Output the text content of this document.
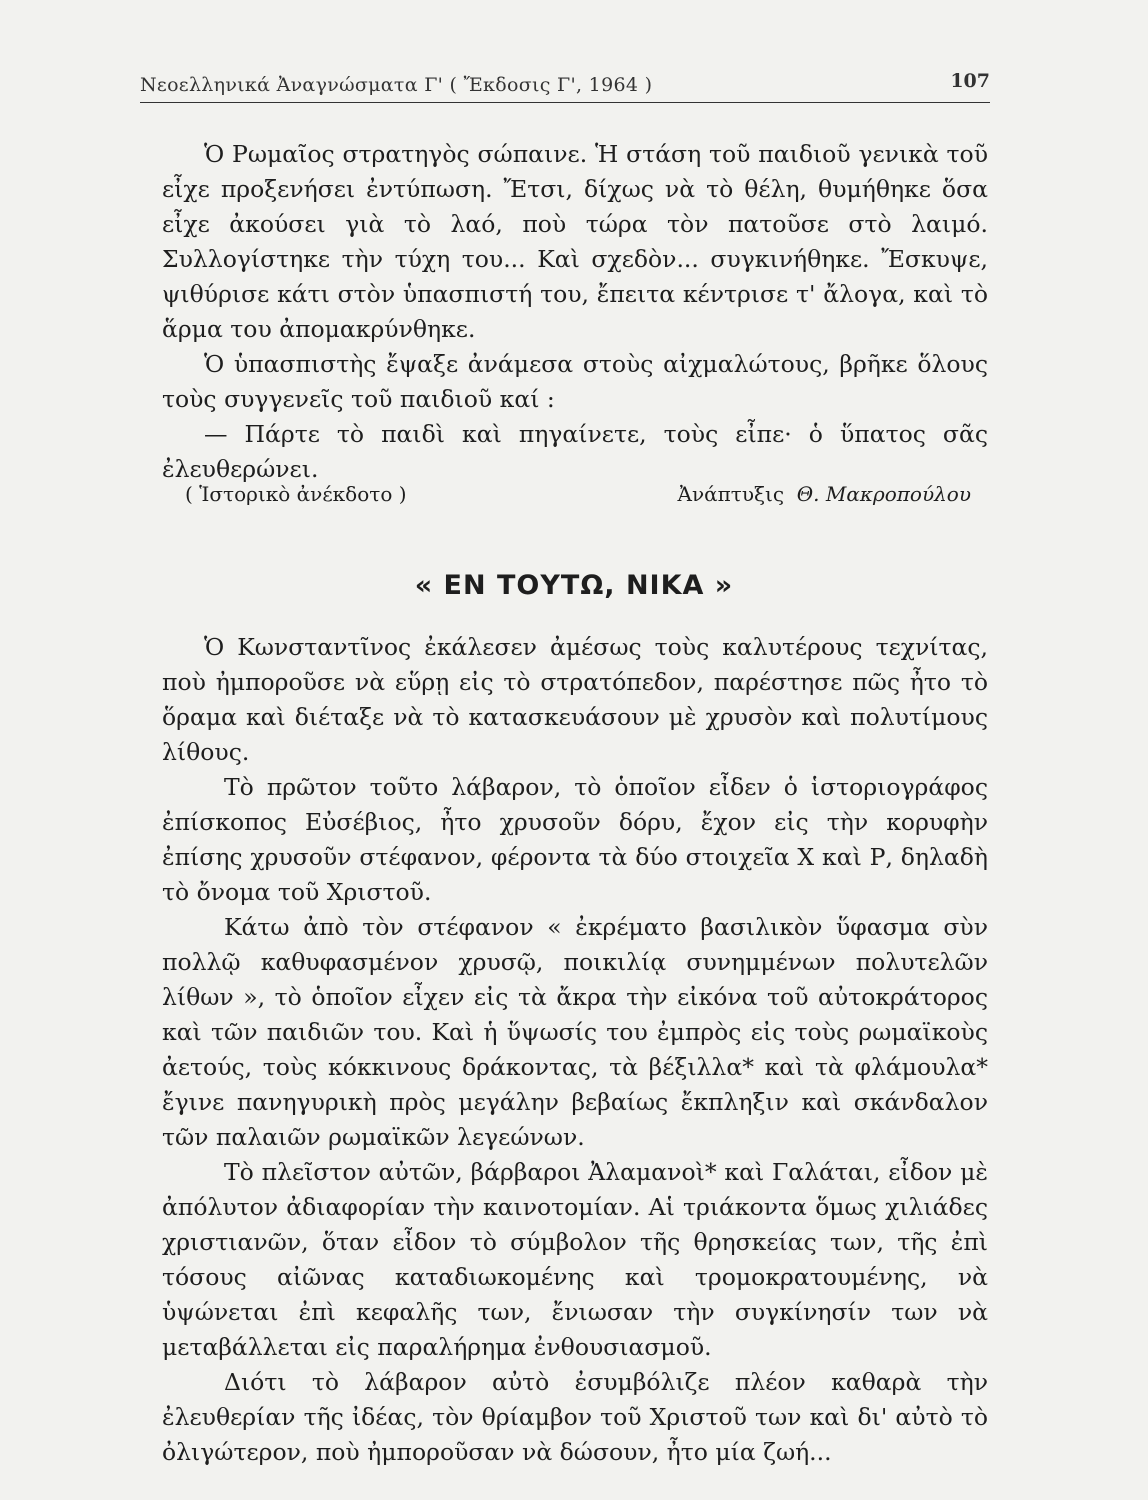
Νεοελληνικά Ἀναγνώσματα Γ' ( Ἔκδοσις Γ', 1964 )	107

Ὁ Ρωμαῖος στρατηγὸς σώπαινε. Ἡ στάση τοῦ παιδιοῦ γενικὰ τοῦ εἶχε προξενήσει ἐντύπωση. Ἔτσι, δίχως νὰ τὸ θέλη, θυμήθηκε ὅσα εἶχε ἀκούσει γιὰ τὸ λαό, ποὺ τώρα τὸν πατοῦσε στὸ λαιμό. Συλλογίστηκε τὴν τύχη του... Καὶ σχεδὸν... συγκινήθηκε. Ἔσκυψε, ψιθύρισε κάτι στὸν ὑπασπιστή του, ἔπειτα κέντρισε τ' ἄλογα, καὶ τὸ ἅρμα του ἀπομακρύνθηκε.

Ὁ ὑπασπιστὴς ἔψαξε ἀνάμεσα στοὺς αἰχμαλώτους, βρῆκε ὅλους τοὺς συγγενεῖς τοῦ παιδιοῦ καί :

— Πάρτε τὸ παιδὶ καὶ πηγαίνετε, τοὺς εἶπε· ὁ ὕπατος σᾶς ἐλευθερώνει.

( Ἱστορικὸ ἀνέκδοτο )	Ἀνάπτυξις Θ. Μακροπούλου
« ΕΝ ΤΟΥΤΩ, ΝΙΚΑ »

Ὁ Κωνσταντῖνος ἐκάλεσεν ἀμέσως τοὺς καλυτέρους τεχνίτας, ποὺ ἠμποροῦσε νὰ εὕρῃ εἰς τὸ στρατόπεδον, παρέστησε πῶς ἦτο τὸ ὅραμα καὶ διέταξε νὰ τὸ κατασκευάσουν μὲ χρυσὸν καὶ πολυτίμους λίθους.

Τὸ πρῶτον τοῦτο λάβαρον, τὸ ὁποῖον εἶδεν ὁ ἱστοριογράφος ἐπίσκοπος Εὐσέβιος, ἦτο χρυσοῦν δόρυ, ἔχον εἰς τὴν κορυφὴν ἐπίσης χρυσοῦν στέφανον, φέροντα τὰ δύο στοιχεῖα Χ καὶ Ρ, δηλαδὴ τὸ ὄνομα τοῦ Χριστοῦ.

Κάτω ἀπὸ τὸν στέφανον « ἐκρέματο βασιλικὸν ὕφασμα σὺν πολλῷ καθυφασμένον χρυσῷ, ποικιλίᾳ συνημμένων πολυτελῶν λίθων », τὸ ὁποῖον εἶχεν εἰς τὰ ἄκρα τὴν εἰκόνα τοῦ αὐτοκράτορος καὶ τῶν παιδιῶν του. Καὶ ἡ ὕψωσίς του ἐμπρὸς εἰς τοὺς ρωμαϊκοὺς ἀετούς, τοὺς κόκκινους δράκοντας, τὰ βέξιλλα* καὶ τὰ φλάμουλα* ἔγινε πανηγυρικὴ πρὸς μεγάλην βεβαίως ἔκπληξιν καὶ σκάνδαλον τῶν παλαιῶν ρωμαϊκῶν λεγεώνων.

Τὸ πλεῖστον αὐτῶν, βάρβαροι Ἀλαμανοὶ* καὶ Γαλάται, εἶδον μὲ ἀπόλυτον ἀδιαφορίαν τὴν καινοτομίαν. Αἱ τριάκοντα ὅμως χιλιάδες χριστιανῶν, ὅταν εἶδον τὸ σύμβολον τῆς θρησκείας των, τῆς ἐπὶ τόσους αἰῶνας καταδιωκομένης καὶ τρομοκρατουμένης, νὰ ὑψώνεται ἐπὶ κεφαλῆς των, ἔνιωσαν τὴν συγκίνησίν των νὰ μεταβάλλεται εἰς παραλήρημα ἐνθουσιασμοῦ.

Διότι τὸ λάβαρον αὐτὸ ἐσυμβόλιζε πλέον καθαρὰ τὴν ἐλευθερίαν τῆς ἰδέας, τὸν θρίαμβον τοῦ Χριστοῦ των καὶ δι' αὐτὸ τὸ ὀλιγώτερον, ποὺ ἠμποροῦσαν νὰ δώσουν, ἦτο μία ζωή...
